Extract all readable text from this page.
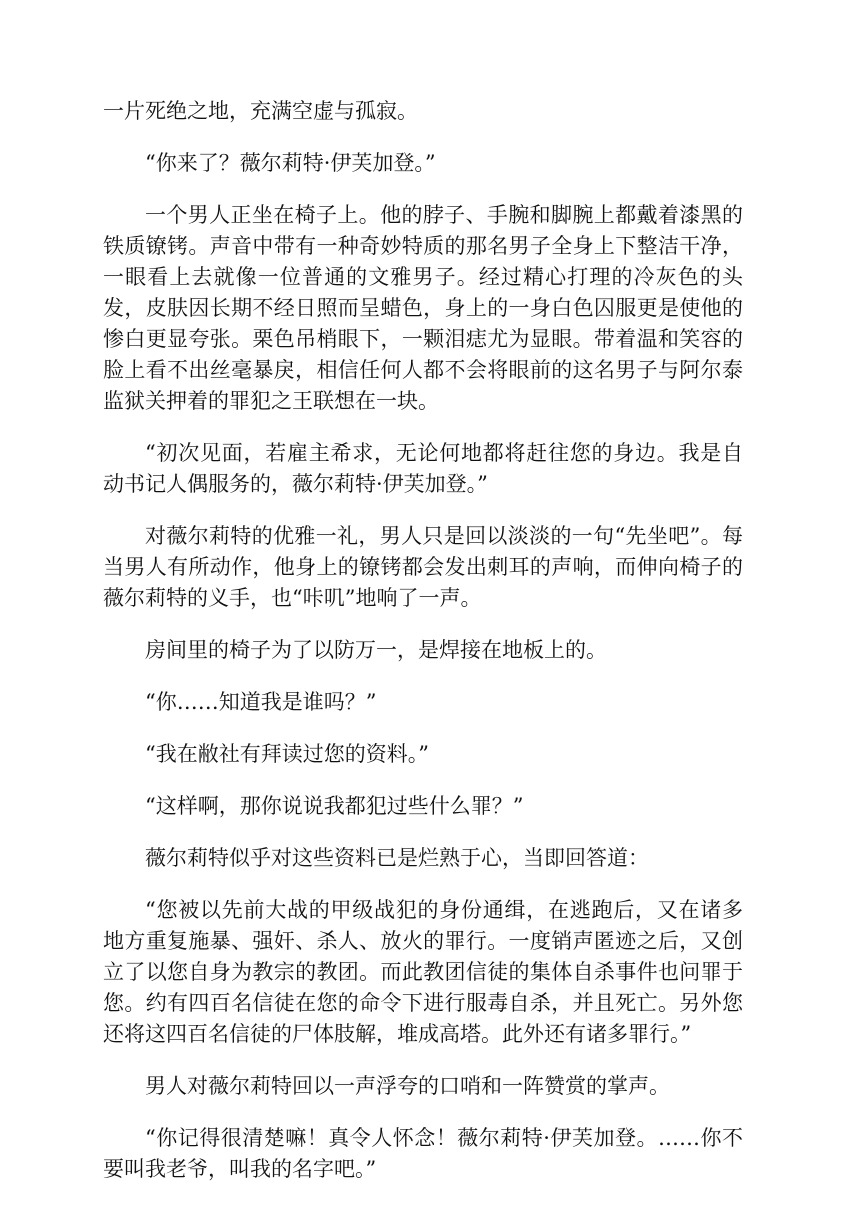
一片死绝之地，充满空虚与孤寂。

“你来了？薇尔莉特·伊芙加登。”

一个男人正坐在椅子上。他的脖子、手腕和脚腕上都戴着漆黑的铁质镣铐。声音中带有一种奇妙特质的那名男子全身上下整洁干净，一眼看上去就像一位普通的文雅男子。经过精心打理的冷灰色的头发，皮肤因长期不经日照而呈蜡色，身上的一身白色囚服更是使他的惨白更显夸张。栗色吊梢眼下，一颗泪痣尤为显眼。带着温和笑容的脸上看不出丝毫暴戾，相信任何人都不会将眼前的这名男子与阿尔泰监狱关押着的罪犯之王联想在一块。

“初次见面，若雇主希求，无论何地都将赶往您的身边。我是自动书记人偶服务的，薇尔莉特·伊芙加登。”

对薇尔莉特的优雅一礼，男人只是回以淡淡的一句“先坐吧”。每当男人有所动作，他身上的镣铐都会发出刺耳的声响，而伸向椅子的薇尔莉特的义手，也“咔叽”地响了一声。

房间里的椅子为了以防万一，是焊接在地板上的。

“你……知道我是谁吗？”

“我在敝社有拜读过您的资料。”

“这样啊，那你说说我都犯过些什么罪？”

薇尔莉特似乎对这些资料已是烂熟于心，当即回答道：

“您被以先前大战的甲级战犯的身份通缉，在逃跑后，又在诸多地方重复施暴、强奸、杀人、放火的罪行。一度销声匿迹之后，又创立了以您自身为教宗的教团。而此教团信徒的集体自杀事件也问罪于您。约有四百名信徒在您的命令下进行服毒自杀，并且死亡。另外您还将这四百名信徒的尸体肢解，堆成高塔。此外还有诸多罪行。”

男人对薇尔莉特回以一声浮夸的口哨和一阵赞赏的掌声。

“你记得很清楚嘛！真令人怀念！薇尔莉特·伊芙加登。……你不要叫我老爷，叫我的名字吧。”
